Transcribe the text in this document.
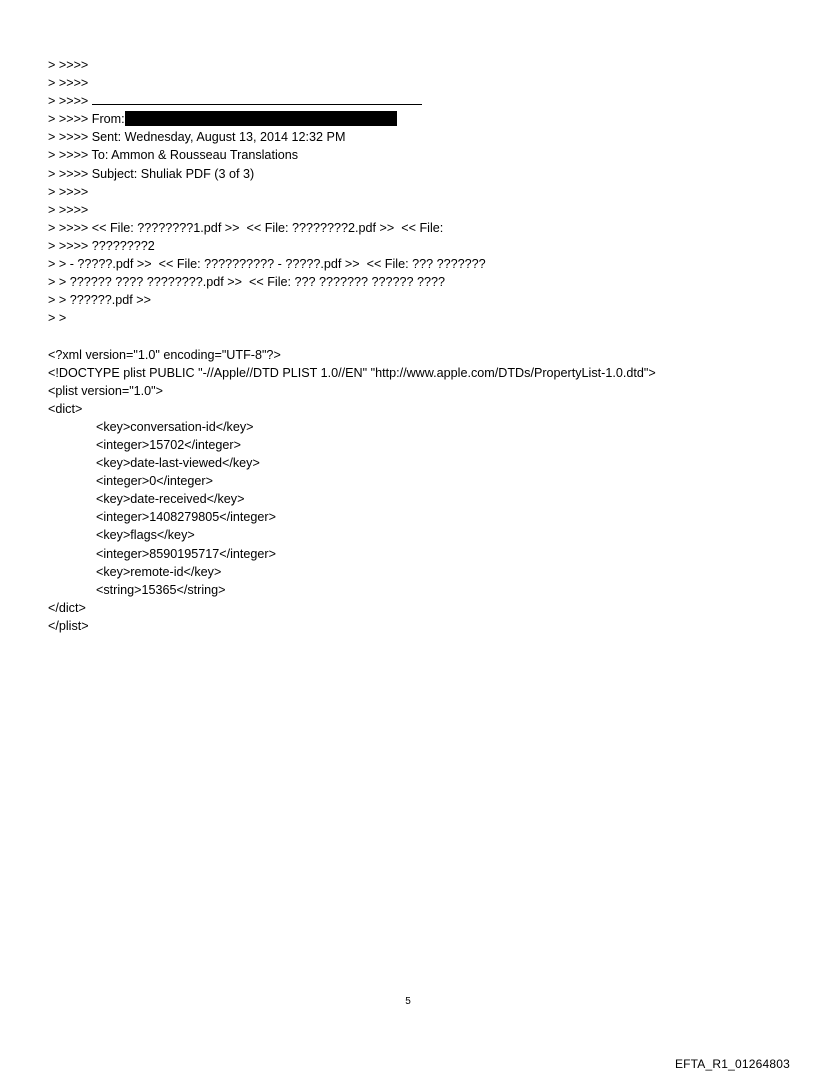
> >>>>
> >>>>
> >>>>
> >>>> From:
> >>>> Sent: Wednesday, August 13, 2014 12:32 PM
> >>>> To: Ammon & Rousseau Translations
> >>>> Subject: Shuliak PDF (3 of 3)
> >>>>
> >>>>
> >>>> << File: ????????1.pdf >>  << File: ????????2.pdf >>  << File:
> >>>> ????????2
> > - ?????.pdf >>  << File: ?????????? - ?????.pdf >>  << File: ??? ???????
> > ?????? ???? ????????.pdf >>  << File: ??? ??????? ?????? ????
> > ??????.pdf >>
> >
<?xml version="1.0" encoding="UTF-8"?>
<!DOCTYPE plist PUBLIC "-//Apple//DTD PLIST 1.0//EN" "http://www.apple.com/DTDs/PropertyList-1.0.dtd">
<plist version="1.0">
<dict>
<key>conversation-id</key>
<integer>15702</integer>
<key>date-last-viewed</key>
<integer>0</integer>
<key>date-received</key>
<integer>1408279805</integer>
<key>flags</key>
<integer>8590195717</integer>
<key>remote-id</key>
<string>15365</string>
</dict>
</plist>
5
EFTA_R1_01264803
